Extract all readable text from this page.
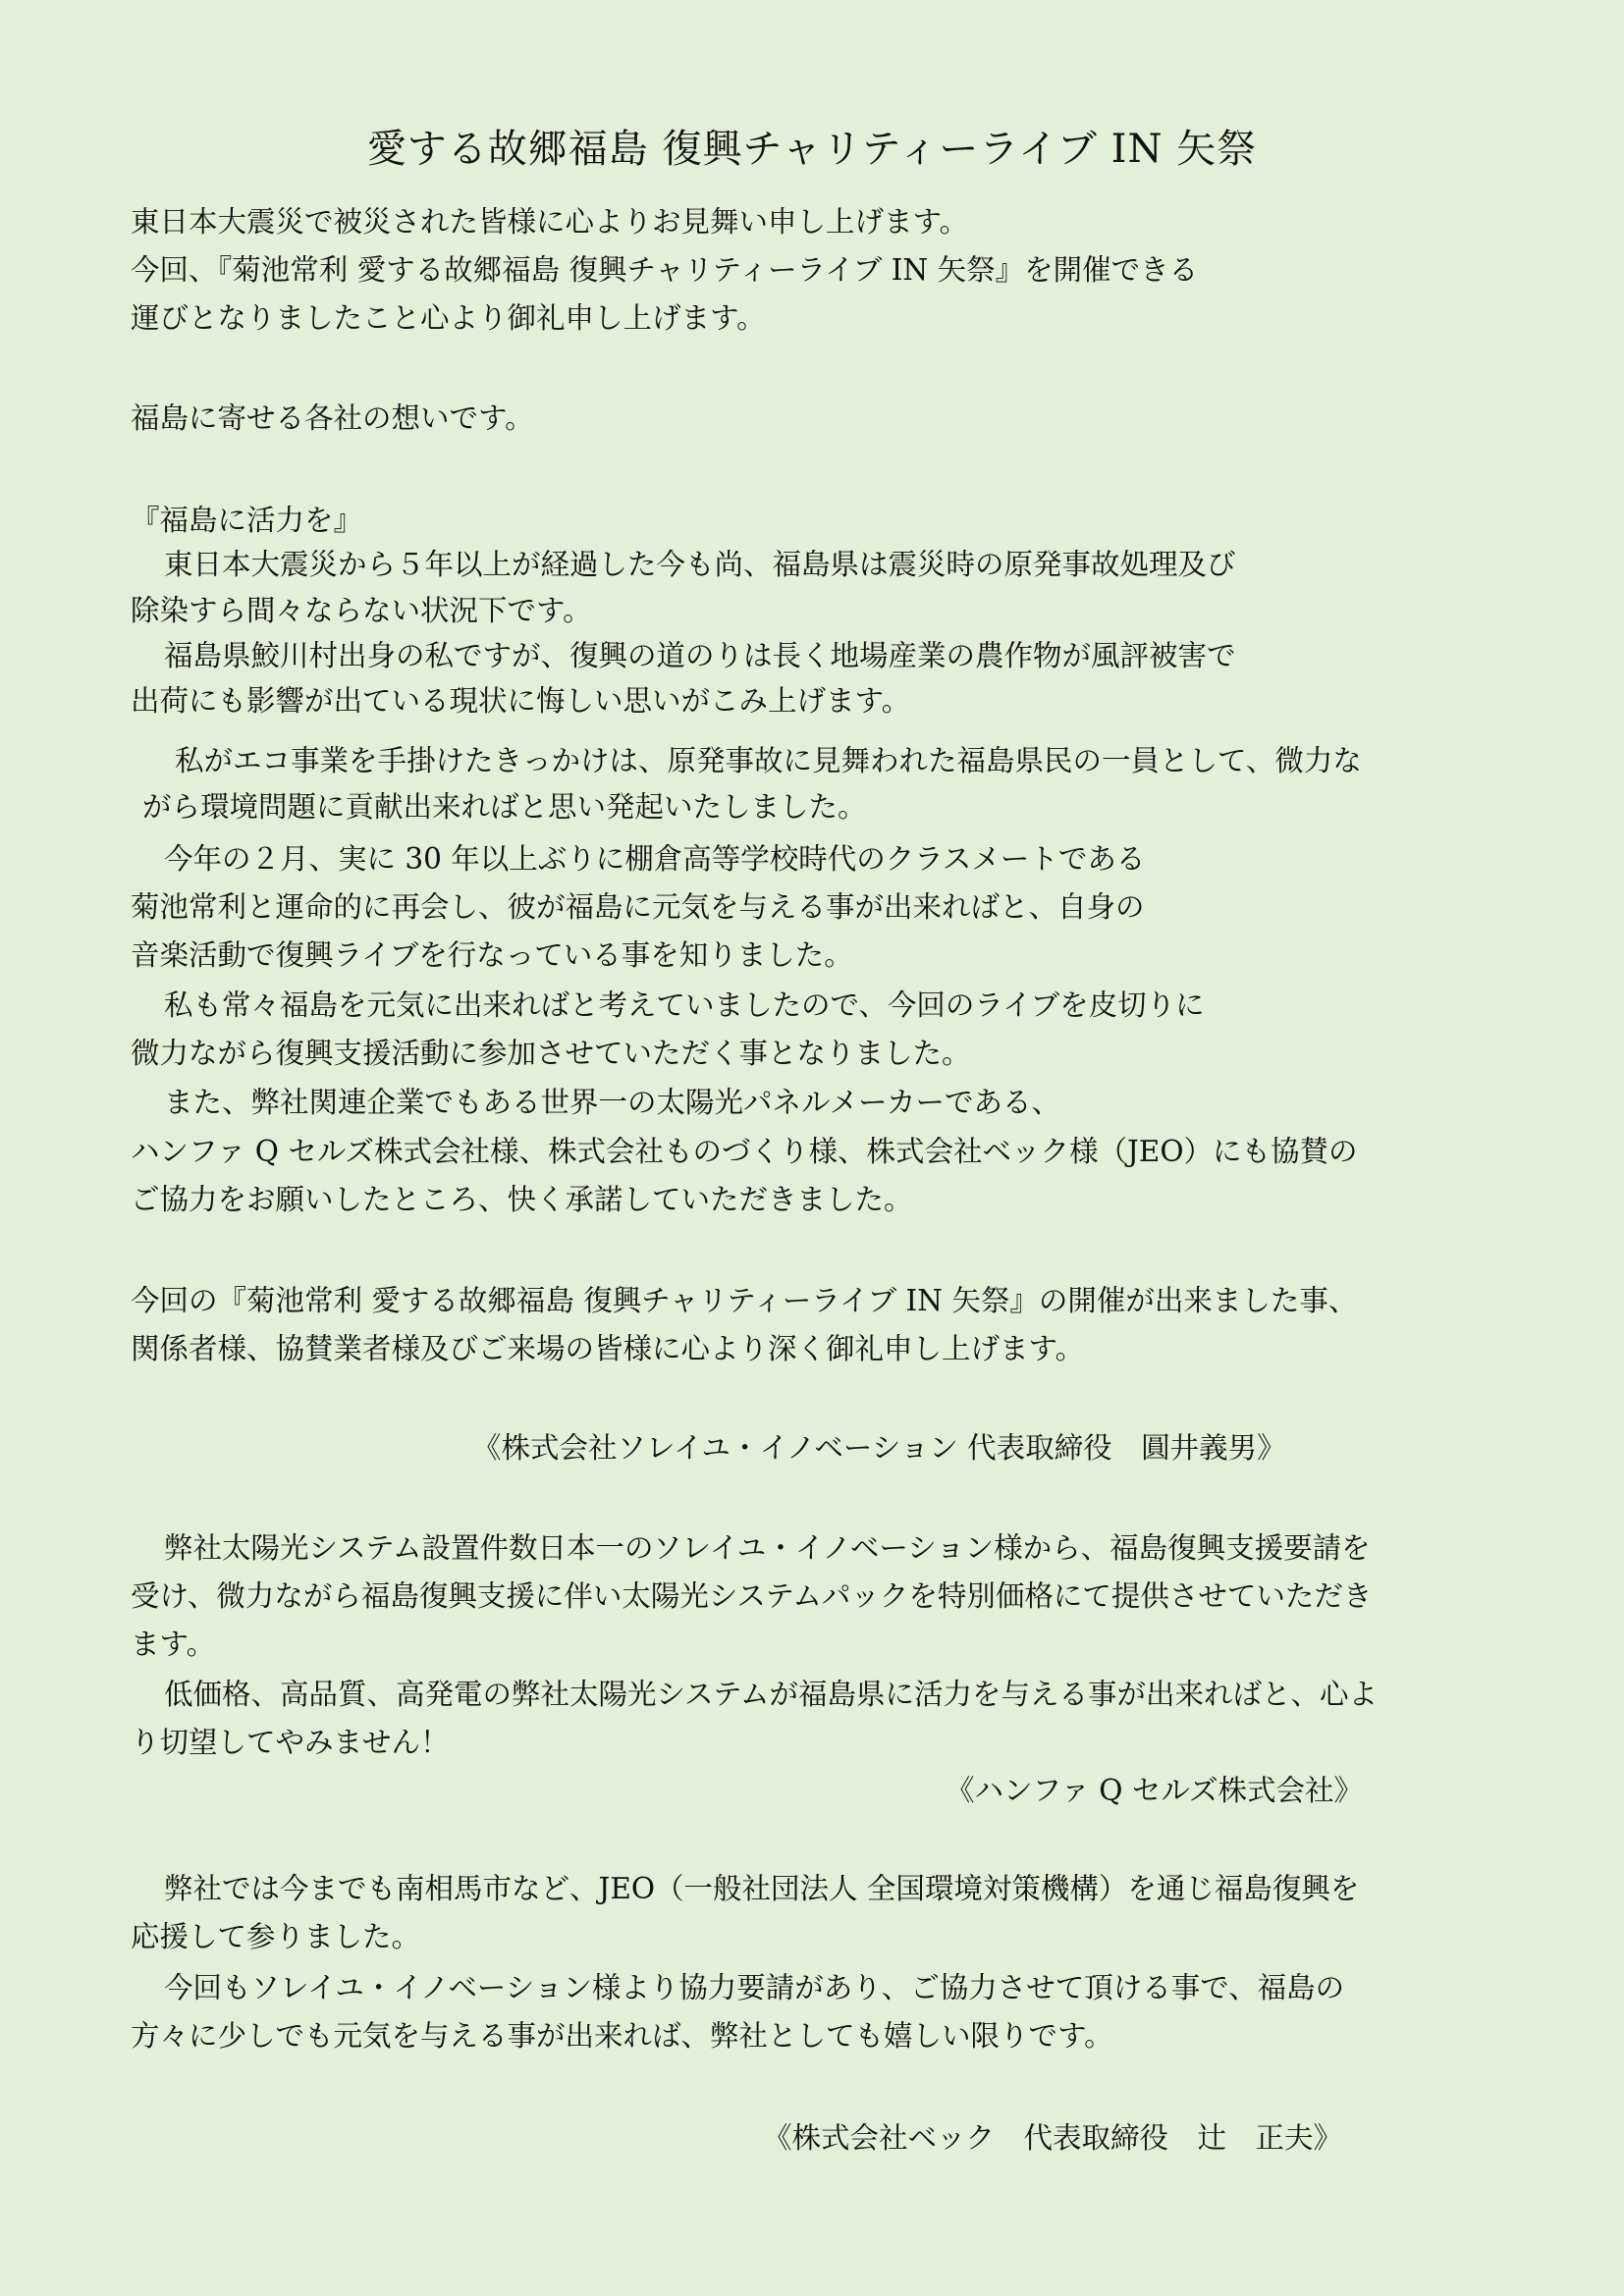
愛する故郷福島 復興チャリティーライブ IN 矢祭
東日本大震災で被災された皆様に心よりお見舞い申し上げます。
今回、『菊池常利 愛する故郷福島 復興チャリティーライブ IN 矢祭』を開催できる
運びとなりましたこと心より御礼申し上げます。
福島に寄せる各社の想いです。
『福島に活力を』
東日本大震災から５年以上が経過した今も尚、福島県は震災時の原発事故処理及び
除染すら間々ならない状況下です。
福島県鮫川村出身の私ですが、復興の道のりは長く地場産業の農作物が風評被害で
出荷にも影響が出ている現状に悔しい思いがこみ上げます。
私がエコ事業を手掛けたきっかけは、原発事故に見舞われた福島県民の一員として、微力な
がら環境問題に貢献出来ればと思い発起いたしました。
今年の２月、実に 30 年以上ぶりに棚倉高等学校時代のクラスメートである
菊池常利と運命的に再会し、彼が福島に元気を与える事が出来ればと、自身の
音楽活動で復興ライブを行なっている事を知りました。
私も常々福島を元気に出来ればと考えていましたので、今回のライブを皮切りに
微力ながら復興支援活動に参加させていただく事となりました。
また、弊社関連企業でもある世界一の太陽光パネルメーカーである、
ハンファ Q セルズ株式会社様、株式会社ものづくり様、株式会社ベック様（JEO）にも協賛の
ご協力をお願いしたところ、快く承諾していただきました。
今回の『菊池常利 愛する故郷福島 復興チャリティーライブ IN 矢祭』の開催が出来ました事、
関係者様、協賛業者様及びご来場の皆様に心より深く御礼申し上げます。
《株式会社ソレイユ・イノベーション 代表取締役　圓井義男》
弊社太陽光システム設置件数日本一のソレイユ・イノベーション様から、福島復興支援要請を
受け、微力ながら福島復興支援に伴い太陽光システムパックを特別価格にて提供させていただき
ます。
低価格、高品質、高発電の弊社太陽光システムが福島県に活力を与える事が出来ればと、心よ
り切望してやみません！
《ハンファ Q セルズ株式会社》
弊社では今までも南相馬市など、JEO（一般社団法人 全国環境対策機構）を通じ福島復興を
応援して参りました。
今回もソレイユ・イノベーション様より協力要請があり、ご協力させて頂ける事で、福島の
方々に少しでも元気を与える事が出来れば、弊社としても嬉しい限りです。
《株式会社ベック　代表取締役　辻　正夫》
